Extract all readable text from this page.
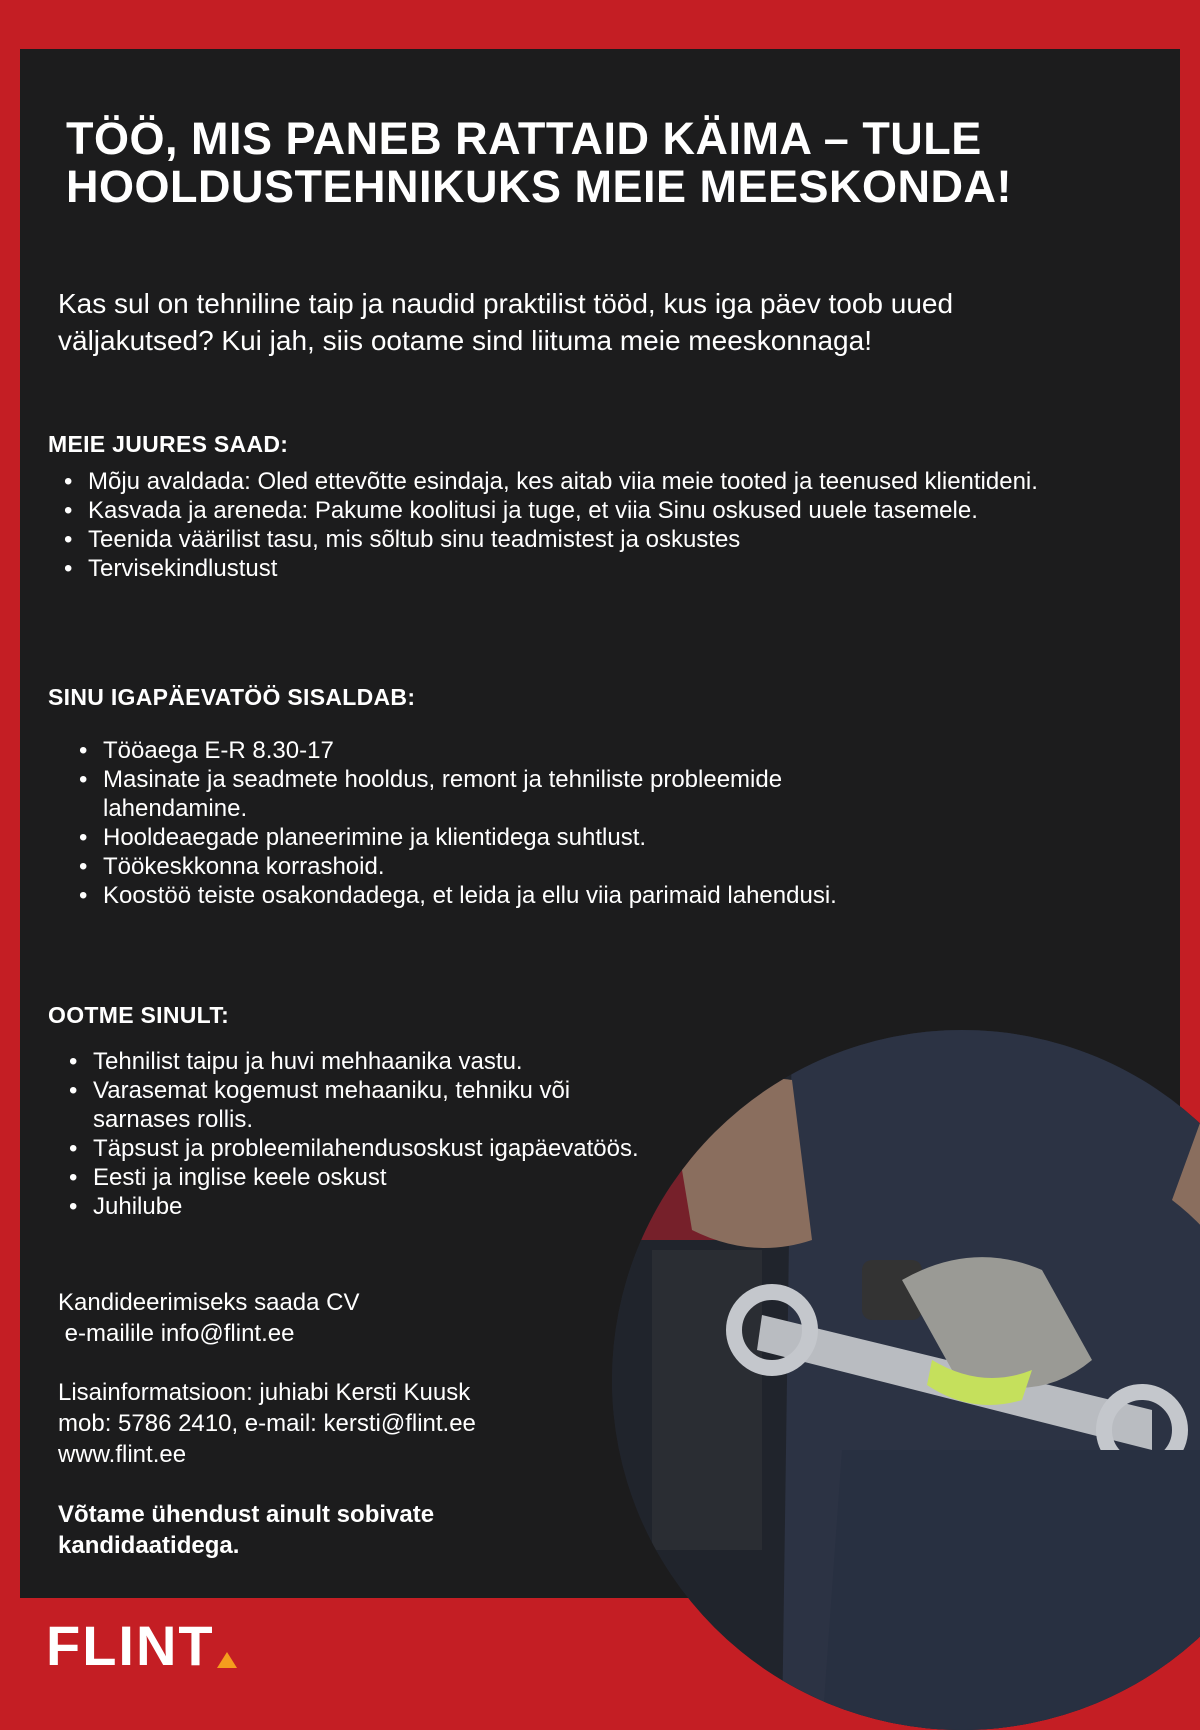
TÖÖ, MIS PANEB RATTAID KÄIMA – TULE HOOLDUSTEHNIKUKS MEIE MEESKONDA!

Kas sul on tehniline taip ja naudid praktilist tööd, kus iga päev toob uued väljakutsed? Kui jah, siis ootame sind liituma meie meeskonnaga!

MEIE JUURES SAAD:
• Mõju avaldada: Oled ettevõtte esindaja, kes aitab viia meie tooted ja teenused klientideni.
• Kasvada ja areneda: Pakume koolitusi ja tuge, et viia Sinu oskused uuele tasemele.
• Teenida väärilist tasu, mis sõltub sinu teadmistest ja oskustes
• Tervisekindlustust
SINU IGAPÄEVATÖÖ SISALDAB:
• Tööaega E-R 8.30-17
• Masinate ja seadmete hooldus, remont ja tehniliste probleemide lahendamine.
• Hooldeaegade planeerimine ja klientidega suhtlust.
• Töökeskkonna korrashoid.
• Koostöö teiste osakondadega, et leida ja ellu viia parimaid lahendusi.
OOTME SINULT:
• Tehnilist taipu ja huvi mehhaanika vastu.
• Varasemat kogemust mehaaniku, tehniku või sarnases rollis.
• Täpsust ja probleemilahendusoskust igapäevatöös.
• Eesti ja inglise keele oskust
• Juhilube

Kandideerimiseks saada CV

e-mailile info@flint.ee

Lisainformatsioon: juhiabi Kersti Kuusk

mob: 5786 2410, e-mail: kersti@flint.ee

www.flint.ee

Võtame ühendust ainult sobivate

kandidaatidega.

FLINT
